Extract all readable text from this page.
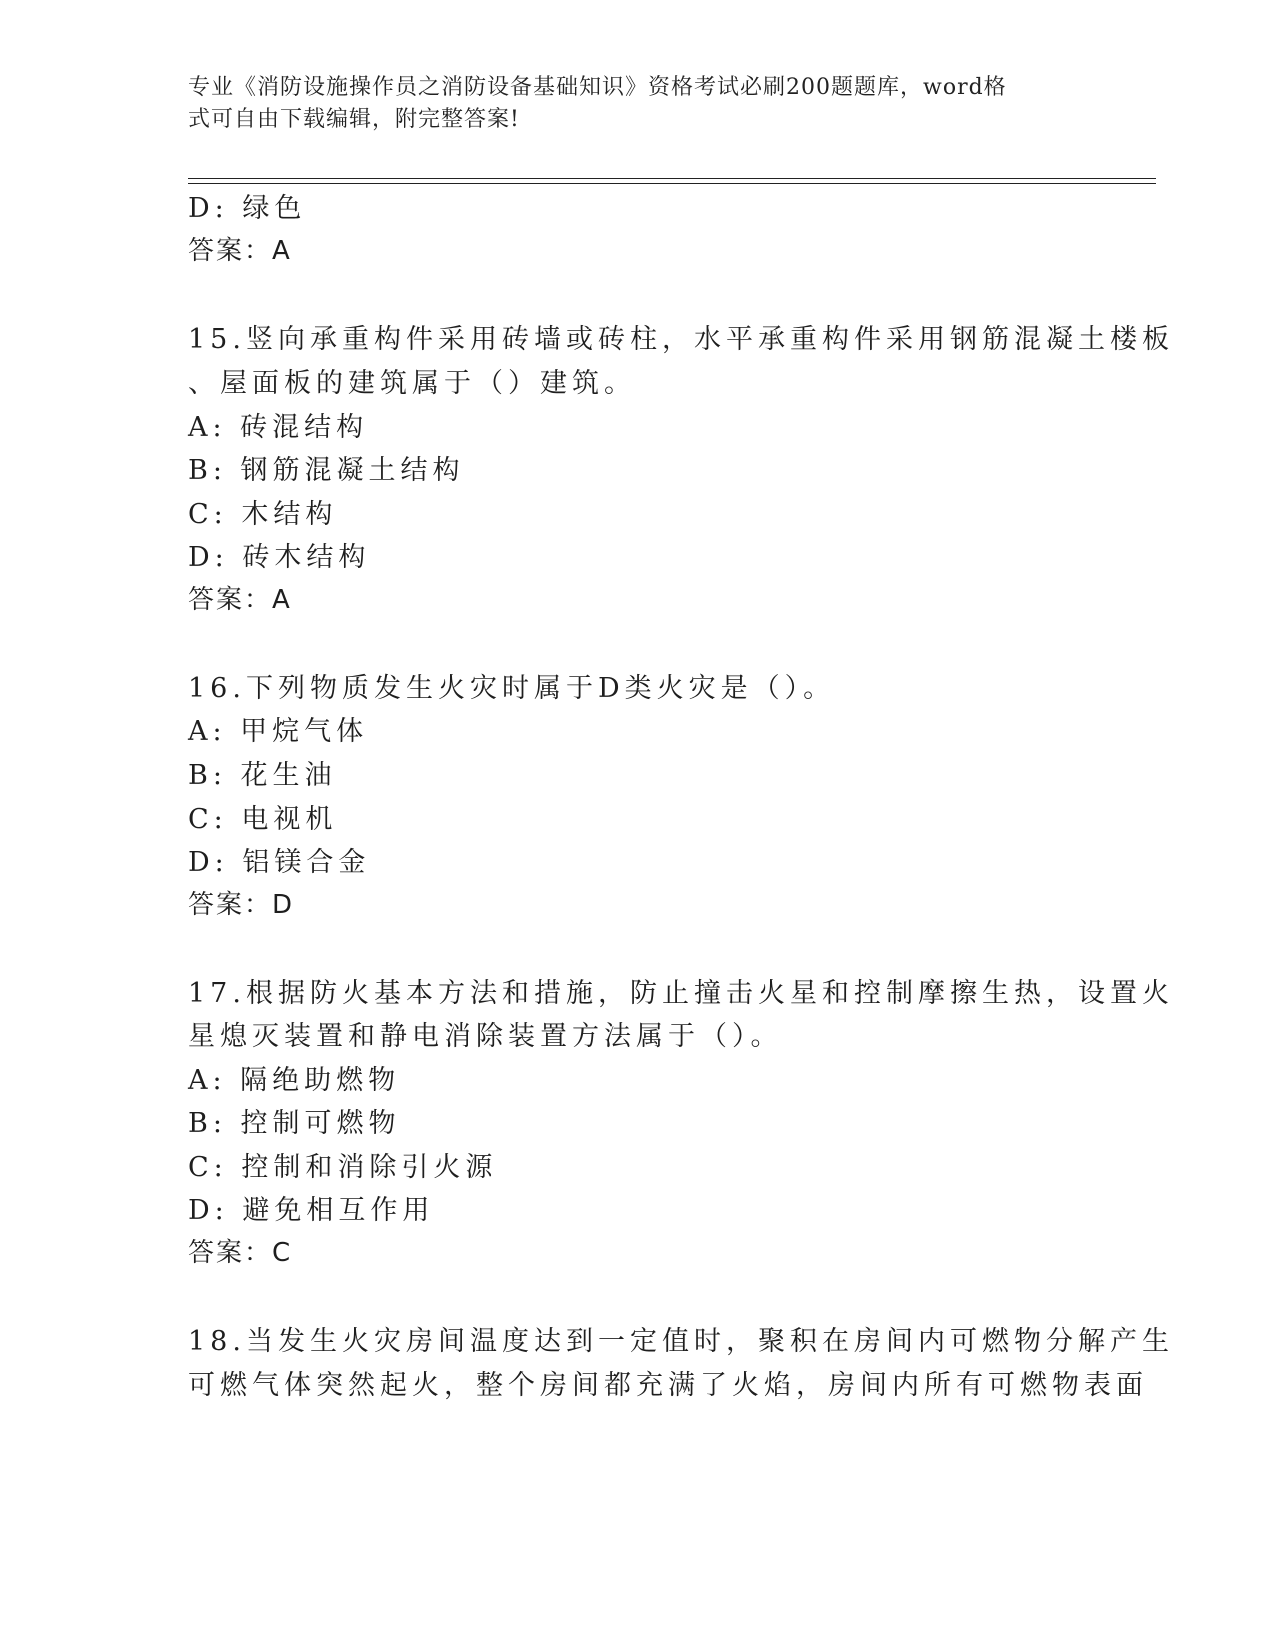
专业《消防设施操作员之消防设备基础知识》资格考试必刷200题题库，word格
式可自由下载编辑，附完整答案!
D: 绿色
答案：A
15.竖向承重构件采用砖墙或砖柱，水平承重构件采用钢筋混凝土楼板
、屋面板的建筑属于（）建筑。
A: 砖混结构
B: 钢筋混凝土结构
C: 木结构
D: 砖木结构
答案：A
16.下列物质发生火灾时属于D类火灾是（）。
A: 甲烷气体
B: 花生油
C: 电视机
D: 铝镁合金
答案：D
17.根据防火基本方法和措施，防止撞击火星和控制摩擦生热，设置火
星熄灭装置和静电消除装置方法属于（）。
A: 隔绝助燃物
B: 控制可燃物
C: 控制和消除引火源
D: 避免相互作用
答案：C
18.当发生火灾房间温度达到一定值时，聚积在房间内可燃物分解产生
可燃气体突然起火，整个房间都充满了火焰，房间内所有可燃物表面
